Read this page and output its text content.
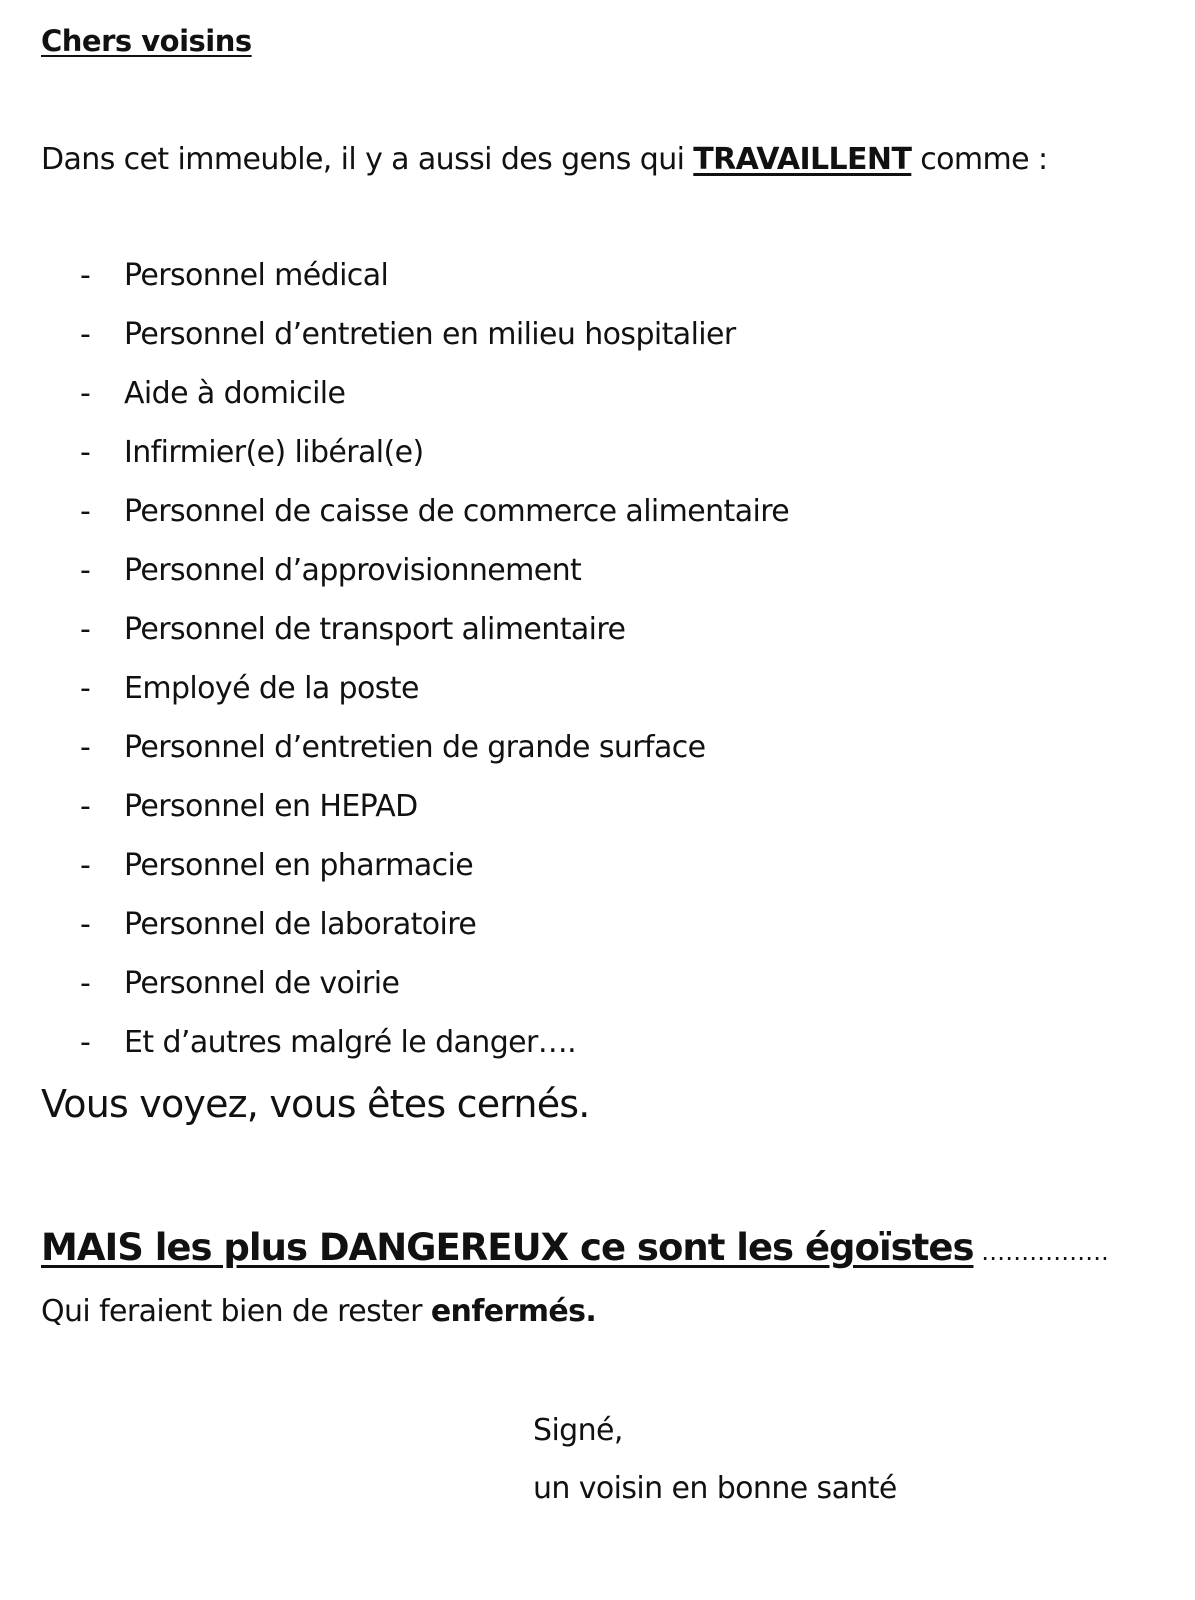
Chers voisins
Dans cet immeuble, il y a aussi des gens qui TRAVAILLENT comme :
- Personnel médical
- Personnel d’entretien en milieu hospitalier
- Aide à domicile
- Infirmier(e) libéral(e)
- Personnel de caisse de commerce alimentaire
- Personnel d’approvisionnement
- Personnel de transport alimentaire
- Employé de la poste
- Personnel d’entretien de grande surface
- Personnel en HEPAD
- Personnel en pharmacie
- Personnel de laboratoire
- Personnel de voirie
- Et d’autres malgré le danger….
Vous voyez, vous êtes cernés.
MAIS les plus DANGEREUX ce sont les égoïstes …………….
Qui feraient bien de rester enfermés.
Signé,
un voisin en bonne santé
